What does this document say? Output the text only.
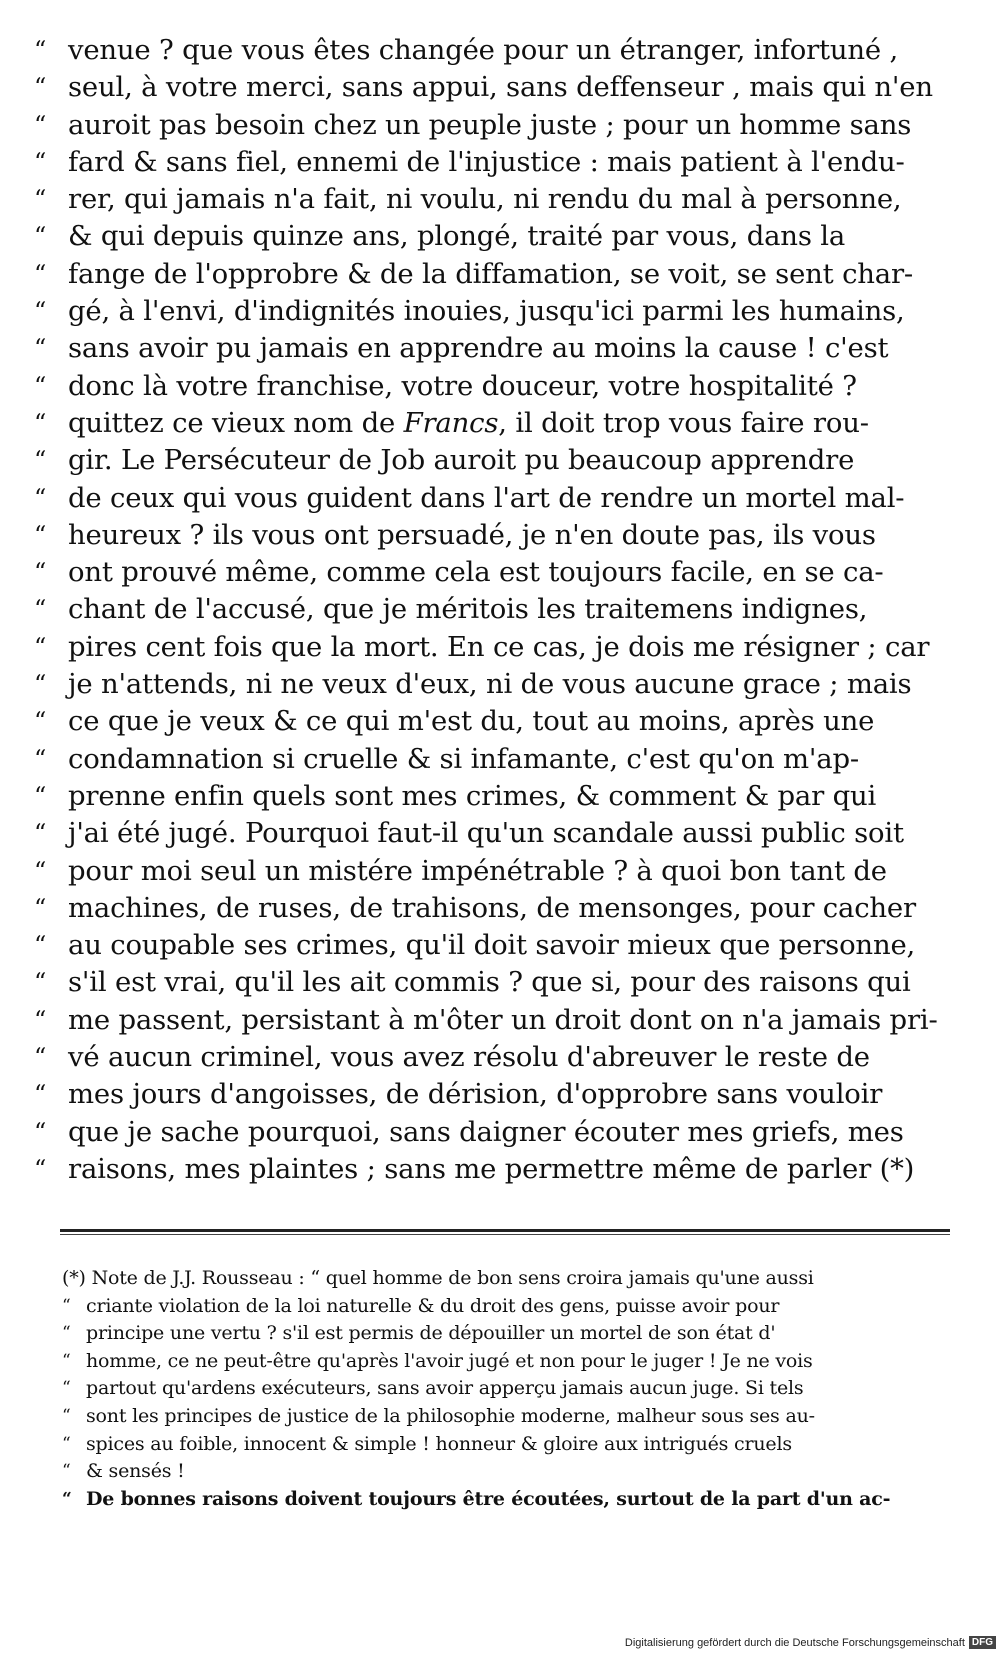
“ venue ? que vous êtes changée pour un étranger, infortuné ,
“ seul, à votre merci, sans appui, sans deffenseur , mais qui n'en
“ auroit pas besoin chez un peuple juste ; pour un homme sans
“ fard & sans fiel, ennemi de l'injustice : mais patient à l'endu-
“ rer, qui jamais n'a fait, ni voulu, ni rendu du mal à personne,
“ & qui depuis quinze ans, plongé, traité par vous, dans la
“ fange de l'opprobre & de la diffamation, se voit, se sent char-
“ gé, à l'envi, d'indignités inouies, jusqu'ici parmi les humains,
“ sans avoir pu jamais en apprendre au moins la cause ! c'est
“ donc là votre franchise, votre douceur, votre hospitalité ?
“ quittez ce vieux nom de Francs, il doit trop vous faire rou-
“ gir. Le Persécuteur de Job auroit pu beaucoup apprendre
“ de ceux qui vous guident dans l'art de rendre un mortel mal-
“ heureux ? ils vous ont persuadé, je n'en doute pas, ils vous
“ ont prouvé même, comme cela est toujours facile, en se ca-
“ chant de l'accusé, que je méritois les traitemens indignes,
“ pires cent fois que la mort. En ce cas, je dois me résigner ; car
“ je n'attends, ni ne veux d'eux, ni de vous aucune grace ; mais
“ ce que je veux & ce qui m'est du, tout au moins, après une
“ condamnation si cruelle & si infamante, c'est qu'on m'ap-
“ prenne enfin quels sont mes crimes, & comment & par qui
“ j'ai été jugé. Pourquoi faut-il qu'un scandale aussi public soit
“ pour moi seul un mistére impénétrable ? à quoi bon tant de
“ machines, de ruses, de trahisons, de mensonges, pour cacher
“ au coupable ses crimes, qu'il doit savoir mieux que personne,
“ s'il est vrai, qu'il les ait commis ? que si, pour des raisons qui
“ me passent, persistant à m'ôter un droit dont on n'a jamais pri-
“ vé aucun criminel, vous avez résolu d'abreuver le reste de
“ mes jours d'angoisses, de dérision, d'opprobre sans vouloir
“ que je sache pourquoi, sans daigner écouter mes griefs, mes
“ raisons, mes plaintes ; sans me permettre même de parler (*)
(*) Note de J.J. Rousseau : “ quel homme de bon sens croira jamais qu'une aussi
“ criante violation de la loi naturelle & du droit des gens, puisse avoir pour
“ principe une vertu ? s'il est permis de dépouiller un mortel de son état d'
“ homme, ce ne peut-être qu'après l'avoir jugé et non pour le juger ! Je ne vois
“ partout qu'ardens exécuteurs, sans avoir apperçu jamais aucun juge. Si tels
“ sont les principes de justice de la philosophie moderne, malheur sous ses au-
“ spices au foible, innocent & simple ! honneur & gloire aux intrigués cruels
“ & sensés !
“ De bonnes raisons doivent toujours être écoutées, surtout de la part d'un ac-
Digitalisierung gefördert durch die Deutsche Forschungsgemeinschaft DFG
